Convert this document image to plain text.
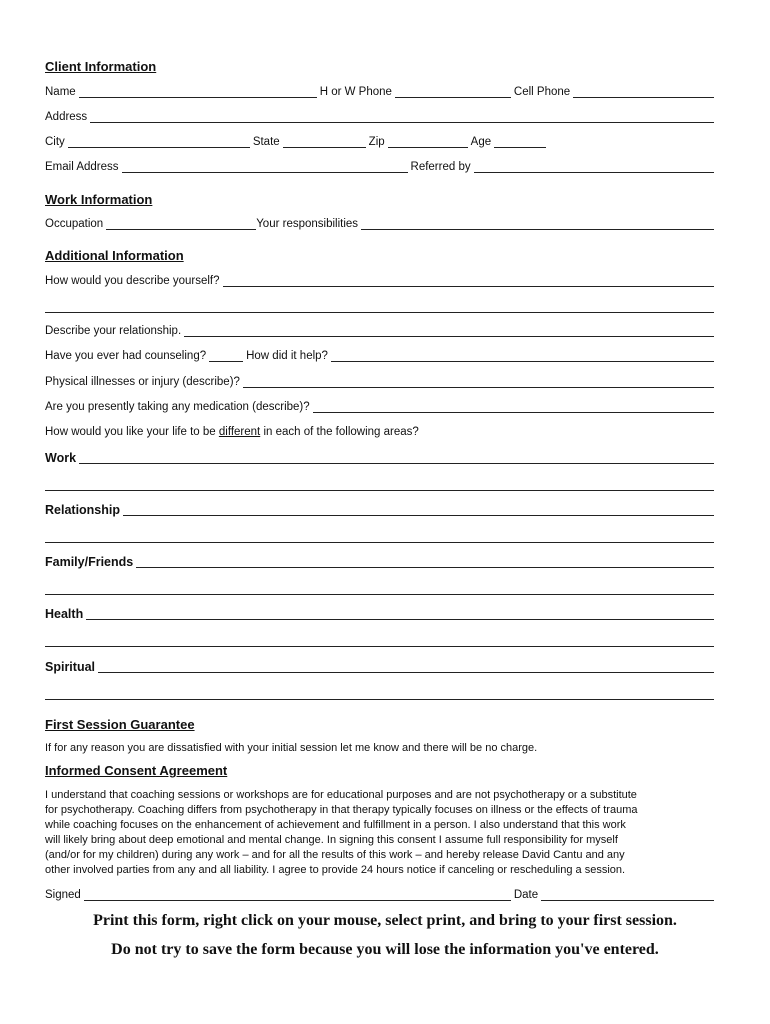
Client Information
Name	H or W Phone	Cell Phone
Address
City	State	Zip	Age
Email Address	Referred by
Work Information
Occupation	Your responsibilities
Additional Information
How would you describe yourself?
Describe your relationship.
Have you ever had counseling?	How did it help?
Physical illnesses or injury (describe)?
Are you presently taking any medication (describe)?
How would you like your life to be
different
in each of the following areas?
Work
Relationship
Family/Friends
Health
Spiritual
First Session Guarantee
If for any reason you are dissatisfied with your initial session let me know and there will be no charge.
Informed Consent Agreement
I understand that coaching sessions or workshops are for educational purposes and are not psychotherapy or a substitute
for psychotherapy. Coaching differs from psychotherapy in that therapy typically focuses on illness or the effects of trauma
while coaching focuses on the enhancement of achievement and fulfillment in a person. I also understand that this work
will likely bring about deep emotional and mental change. In signing this consent I assume full responsibility for myself
(and/or for my children) during any work – and for all the results of this work – and hereby release David Cantu and any
other involved parties from any and all liability. I agree to provide 24 hours notice if canceling or rescheduling a session.
Signed	Date
Print this form, right click on your mouse, select print, and bring to your first session.
Do not try to save the form because you will lose the information you've entered.
